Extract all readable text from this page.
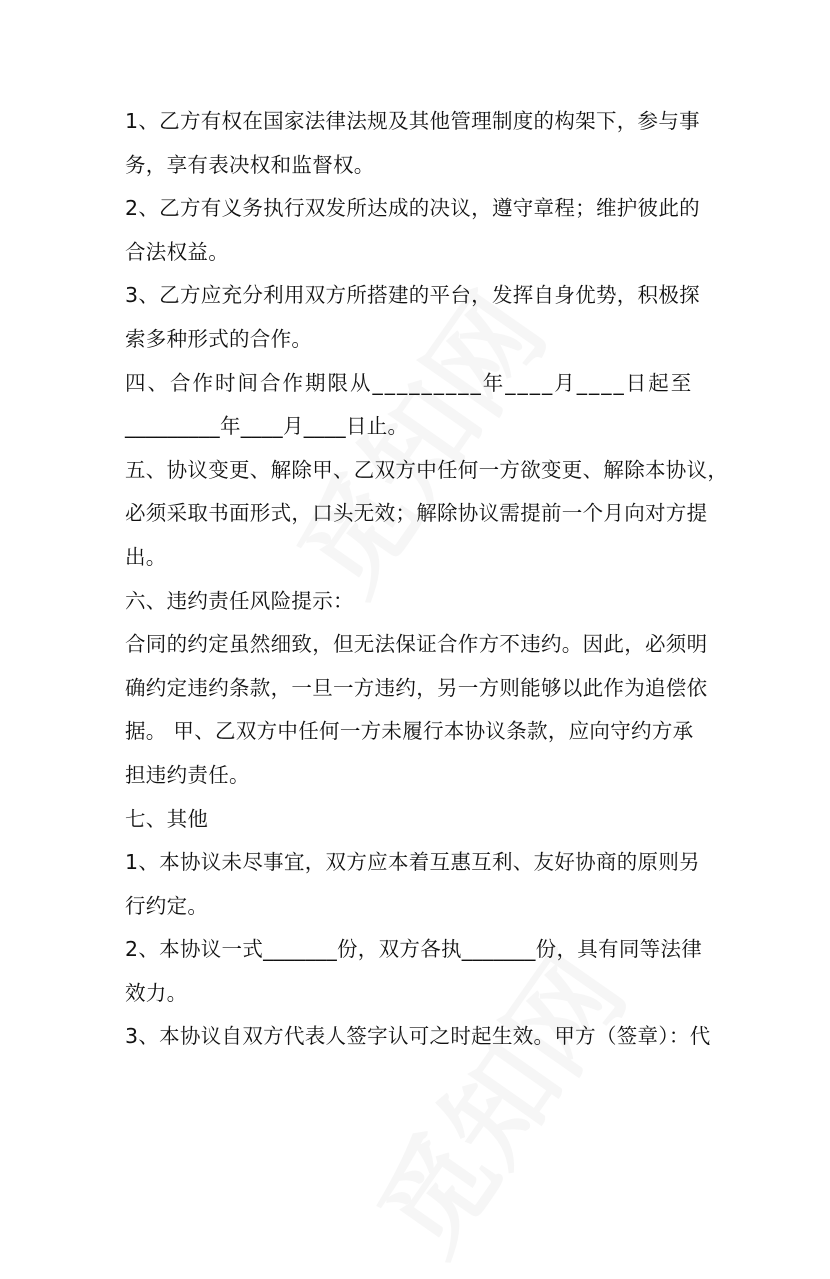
1、乙方有权在国家法律法规及其他管理制度的构架下，参与事
务，享有表决权和监督权。
2、乙方有义务执行双发所达成的决议，遵守章程；维护彼此的
合法权益。
3、乙方应充分利用双方所搭建的平台，发挥自身优势，积极探
索多种形式的合作。
四、合作时间合作期限从_________年____月____日起至
_________年____月____日止。
五、协议变更、解除甲、乙双方中任何一方欲变更、解除本协议，
必须采取书面形式，口头无效；解除协议需提前一个月向对方提
出。
六、违约责任风险提示：
合同的约定虽然细致，但无法保证合作方不违约。因此，必须明
确约定违约条款，一旦一方违约，另一方则能够以此作为追偿依
据。 甲、乙双方中任何一方未履行本协议条款，应向守约方承
担违约责任。
七、其他
1、本协议未尽事宜，双方应本着互惠互利、友好协商的原则另
行约定。
2、本协议一式_______份，双方各执_______份，具有同等法律
效力。
3、本协议自双方代表人签字认可之时起生效。甲方（签章）：代
